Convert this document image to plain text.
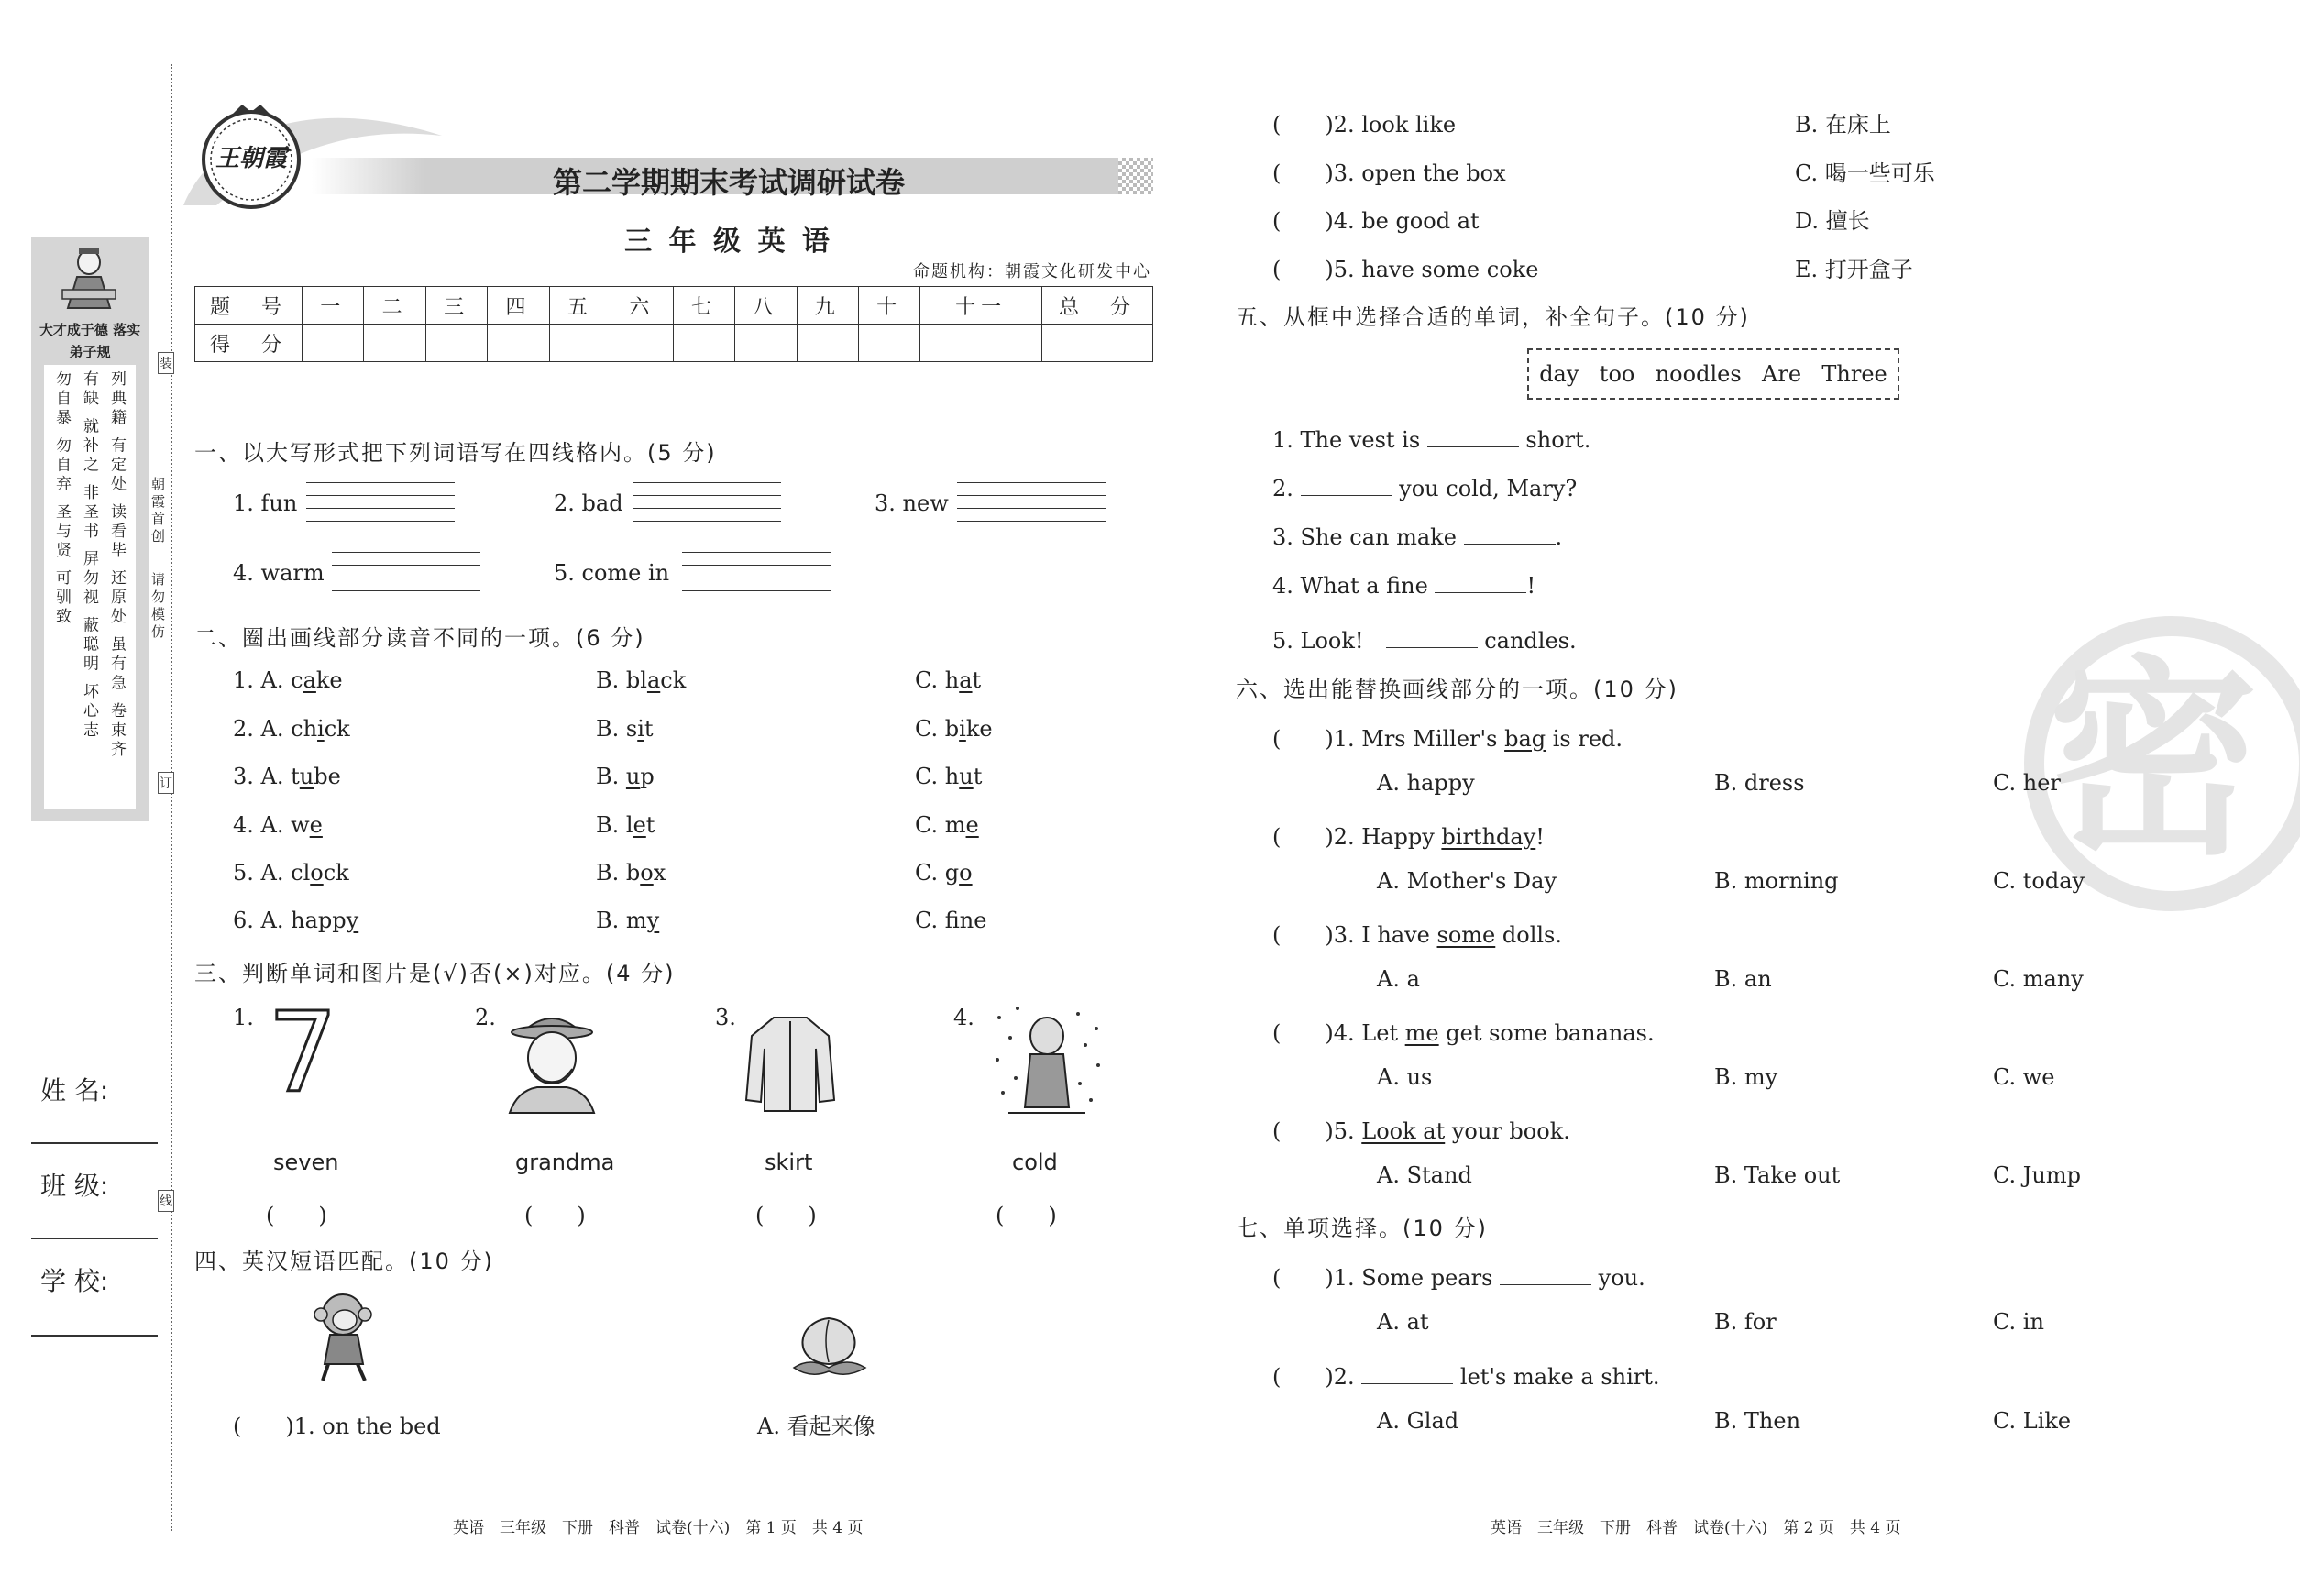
大才成于德 落实弟子规
勿自暴 勿自弃 圣与贤 可驯致 有缺 就补之 非圣书 屏勿视 蔽聪明 坏心志 列典籍 有定处 读看毕 还原处 虽有急 卷束齐 朝霞首创
请勿模仿
装
订
线
姓 名:
班 级:
学 校:
王朝霞
第二学期期末考试调研试卷
三 年 级 英 语
命题机构：朝霞文化研发中心
题　号	一	二	三	四	五	六	七	八	九	十	十一	总　分
得　分												
一、以大写形式把下列词语写在四线格内。(5 分)
1. fun	2. bad	3. new
4. warm	5. come in
二、圈出画线部分读音不同的一项。(6 分)
1. A. cake	B. black	C. hat
2. A. chick	B. sit	C. bike
3. A. tube	B. up	C. hut
4. A. we	B. let	C. me
5. A. clock	B. box	C. go
6. A. happy	B. my	C. fne
三、判断单词和图片是(√)否(×)对应。(4 分)
1. 7
seven
(　　)
2.
grandma
(　　)
3.
skirt
(　　)
4.
cold
(　　)
四、英汉短语匹配。(10 分)
(　　)1. on the bed	A. 看起来像
(　　)2. look like	B. 在床上
(　　)3. open the box	C. 喝一些可乐
(　　)4. be good at	D. 擅长
(　　)5. have some coke	E. 打开盒子
英语　三年级　下册　科普　试卷(十六)　第 1 页　共 4 页
密
五、从框中选择合适的单词，补全句子。(10 分)
day too noodles Are Three
1. The vest is	short.
2.	you cold, Mary?
3. She can make	.
4. What a fine	!
5. Look!　	candles.
六、选出能替换画线部分的一项。(10 分)
(　　)1. Mrs Miller's bag is red.
A. happy	B. dress	C. her
(　　)2. Happy birthday!
A. Mother's Day	B. morning	C. today
(　　)3. I have some dolls.
A. a	B. an	C. many
(　　)4. Let me get some bananas.
A. us	B. my	C. we
(　　)5. Look at your book.
A. Stand	B. Take out	C. Jump
七、单项选择。(10 分)
(　　)1. Some pears	you.
A. at	B. for	C. in
(　　)2.	let's make a shirt.
A. Glad	B. Then	C. Like
英语　三年级　下册　科普　试卷(十六)　第 2 页　共 4 页
